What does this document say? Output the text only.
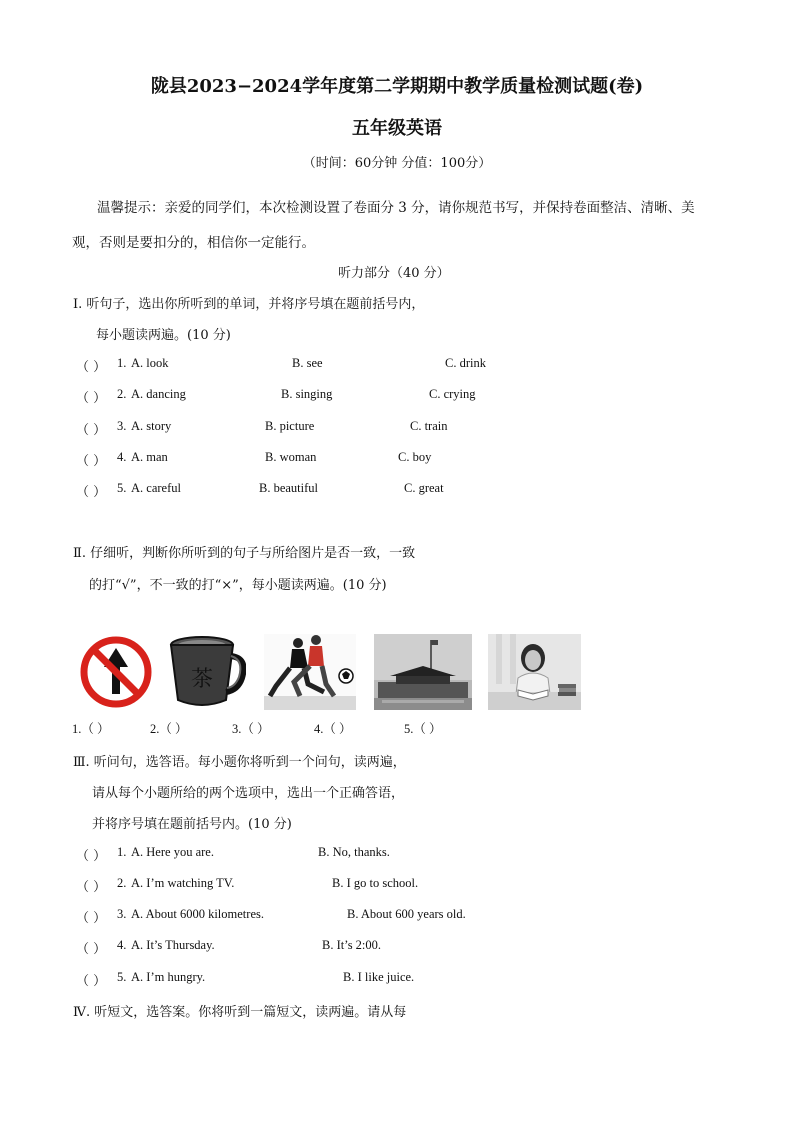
陇县2023−2024学年度第二学期期中教学质量检测试题(卷)
五年级英语
（时间：60分钟 分值：100分）
温馨提示：亲爱的同学们，本次检测设置了卷面分 3 分，请你规范书写，并保持卷面整洁、清晰、美
观，否则是要扣分的，相信你一定能行。
听力部分（40 分）
Ⅰ. 听句子，选出你所听到的单词，并将序号填在题前括号内，
每小题读两遍。(10 分)
（ ） 1. A. look	B. see	C. drink
（ ） 2. A. dancing	B. singing	C. crying
（ ） 3. A. story	B. picture	C. train
（ ） 4. A. man	B. woman	C. boy
（ ） 5. A. careful	B. beautiful	C. great
Ⅱ. 仔细听，判断你所听到的句子与所给图片是否一致，一致
的打“√”，不一致的打“×”，每小题读两遍。(10 分)
茶
1.（ ）	2.（ ）	3.（ ）	4.（ ）	5.（ ）
Ⅲ. 听问句，选答语。每小题你将听到一个问句，读两遍，
请从每个小题所给的两个选项中，选出一个正确答语，
并将序号填在题前括号内。(10 分)
（ ） 1. A. Here you are.	B. No, thanks.
（ ） 2. A. I’m watching TV.	B. I go to school.
（ ） 3. A. About 6000 kilometres.	B. About 600 years old.
（ ） 4. A. It’s Thursday.	B. It’s 2:00.
（ ） 5. A. I’m hungry.	B. I like juice.
Ⅳ. 听短文，选答案。你将听到一篇短文，读两遍。请从每
